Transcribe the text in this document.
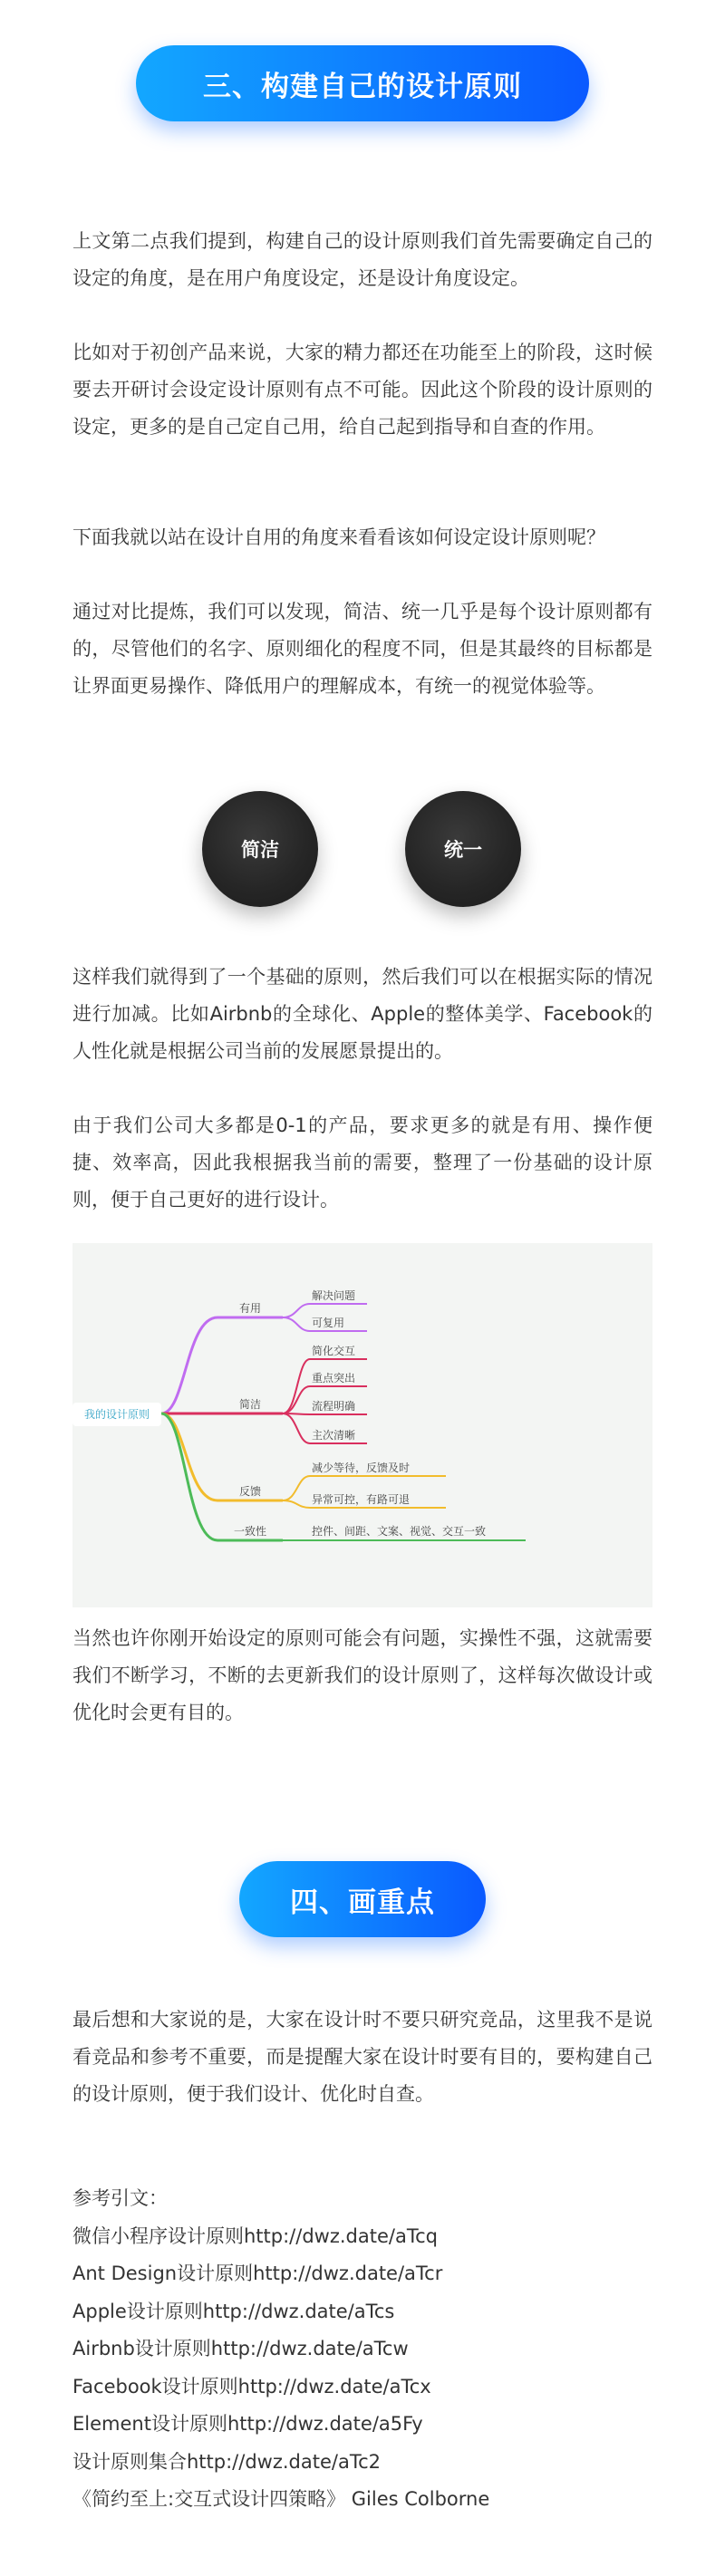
三、构建自己的设计原则

上文第二点我们提到，构建自己的设计原则我们首先需要确定自己的设定的角度，是在用户角度设定，还是设计角度设定。

比如对于初创产品来说，大家的精力都还在功能至上的阶段，这时候要去开研讨会设定设计原则有点不可能。因此这个阶段的设计原则的设定，更多的是自己定自己用，给自己起到指导和自查的作用。

下面我就以站在设计自用的角度来看看该如何设定设计原则呢？

通过对比提炼，我们可以发现，简洁、统一几乎是每个设计原则都有的，尽管他们的名字、原则细化的程度不同，但是其最终的目标都是让界面更易操作、降低用户的理解成本，有统一的视觉体验等。

简洁	统一

这样我们就得到了一个基础的原则，然后我们可以在根据实际的情况进行加减。比如Airbnb的全球化、Apple的整体美学、Facebook的人性化就是根据公司当前的发展愿景提出的。

由于我们公司大多都是0-1的产品，要求更多的就是有用、操作便捷、效率高，因此我根据我当前的需要，整理了一份基础的设计原则，便于自己更好的进行设计。

我的设计原则
有用
简洁
反馈
一致性
解决问题
可复用
简化交互
重点突出
流程明确
主次清晰
减少等待，反馈及时
异常可控，有路可退
控件、间距、文案、视觉、交互一致

当然也许你刚开始设定的原则可能会有问题，实操性不强，这就需要我们不断学习，不断的去更新我们的设计原则了，这样每次做设计或优化时会更有目的。

四、画重点

最后想和大家说的是，大家在设计时不要只研究竞品，这里我不是说看竞品和参考不重要，而是提醒大家在设计时要有目的，要构建自己的设计原则，便于我们设计、优化时自查。

参考引文：
微信小程序设计原则http://dwz.date/aTcq
Ant Design设计原则http://dwz.date/aTcr
Apple设计原则http://dwz.date/aTcs
Airbnb设计原则http://dwz.date/aTcw
Facebook设计原则http://dwz.date/aTcx
Element设计原则http://dwz.date/a5Fy
设计原则集合http://dwz.date/aTc2
《简约至上:交互式设计四策略》 Giles Colborne
